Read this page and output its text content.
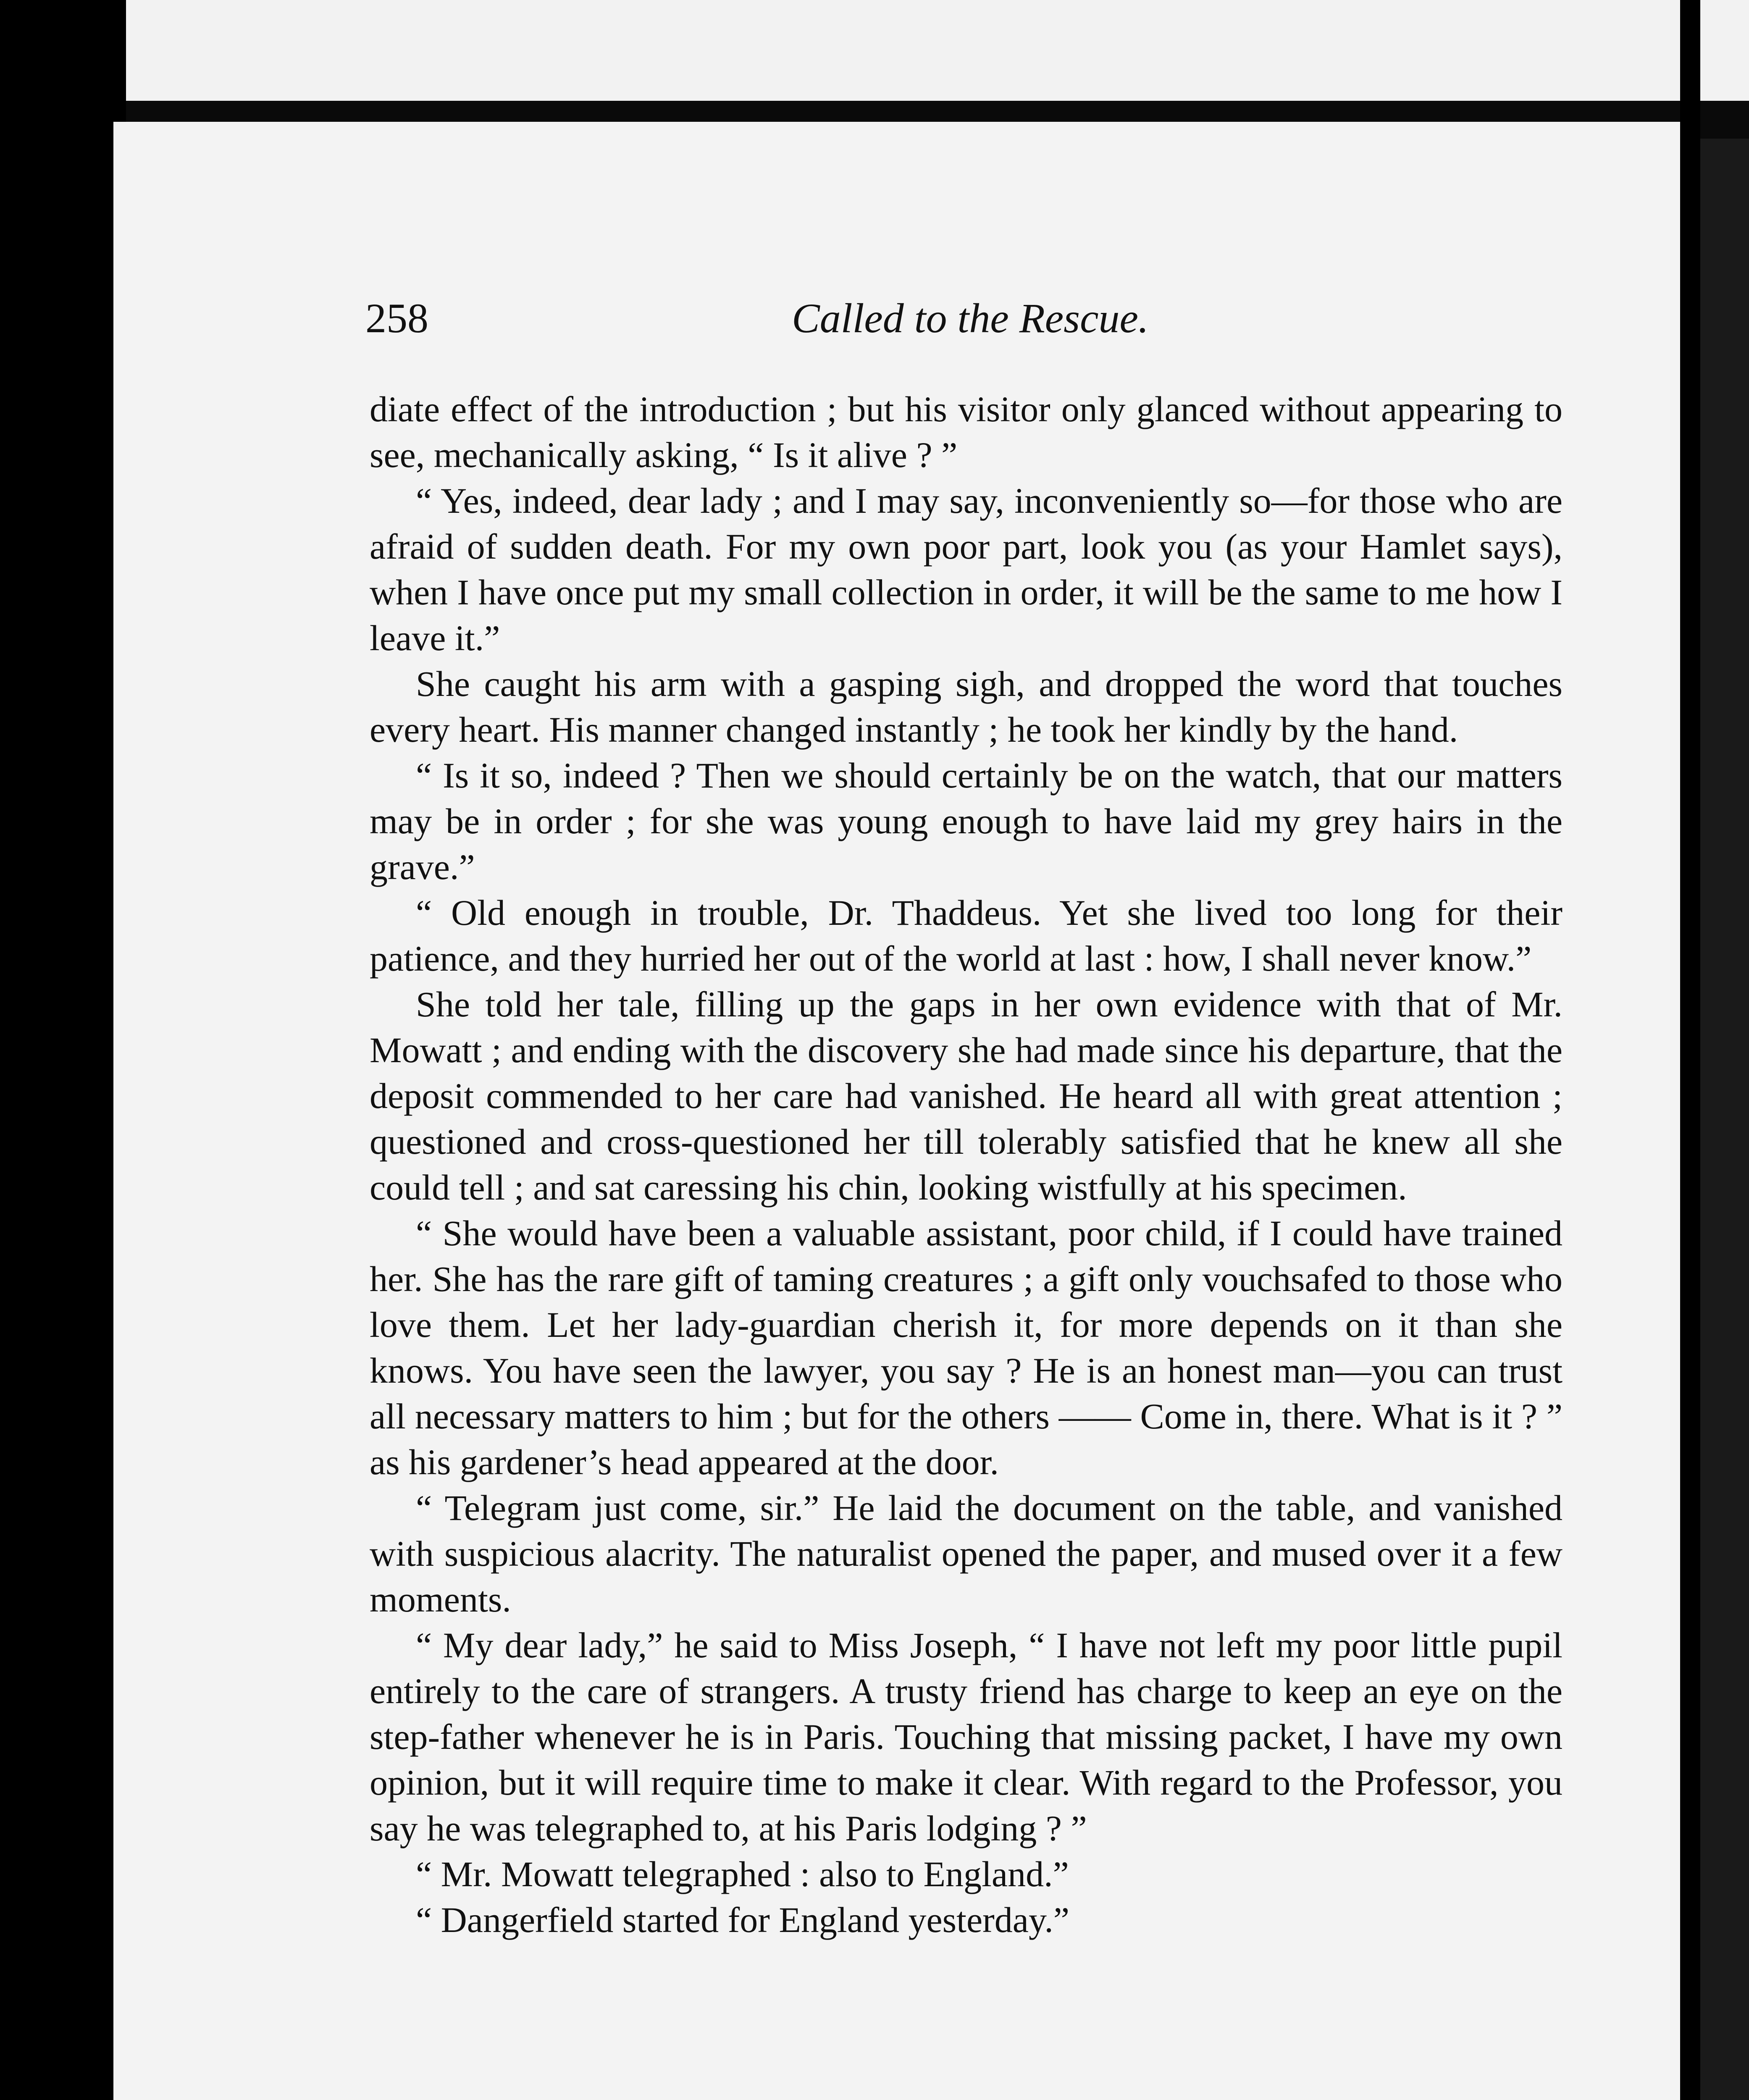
258	Called to the Rescue.

diate effect of the introduction ; but his visitor only glanced without appearing to see, mechanically asking, “ Is it alive ? ”

“ Yes, indeed, dear lady ; and I may say, inconveniently so—for those who are afraid of sudden death. For my own poor part, look you (as your Hamlet says), when I have once put my small collection in order, it will be the same to me how I leave it.”

She caught his arm with a gasping sigh, and dropped the word that touches every heart. His manner changed instantly ; he took her kindly by the hand.

“ Is it so, indeed ? Then we should certainly be on the watch, that our matters may be in order ; for she was young enough to have laid my grey hairs in the grave.”

“ Old enough in trouble, Dr. Thaddeus. Yet she lived too long for their patience, and they hurried her out of the world at last : how, I shall never know.”

She told her tale, filling up the gaps in her own evidence with that of Mr. Mowatt ; and ending with the discovery she had made since his departure, that the deposit commended to her care had vanished. He heard all with great attention ; questioned and cross-questioned her till tolerably satisfied that he knew all she could tell ; and sat caressing his chin, looking wistfully at his specimen.

“ She would have been a valuable assistant, poor child, if I could have trained her. She has the rare gift of taming creatures ; a gift only vouchsafed to those who love them. Let her lady-guardian cherish it, for more depends on it than she knows. You have seen the lawyer, you say ? He is an honest man—you can trust all necessary matters to him ; but for the others —— Come in, there. What is it ? ” as his gardener’s head appeared at the door.

“ Telegram just come, sir.” He laid the document on the table, and vanished with suspicious alacrity. The naturalist opened the paper, and mused over it a few moments.

“ My dear lady,” he said to Miss Joseph, “ I have not left my poor little pupil entirely to the care of strangers. A trusty friend has charge to keep an eye on the step-father whenever he is in Paris. Touching that missing packet, I have my own opinion, but it will require time to make it clear. With regard to the Professor, you say he was telegraphed to, at his Paris lodging ? ”

“ Mr. Mowatt telegraphed : also to England.”

“ Dangerfield started for England yesterday.”
